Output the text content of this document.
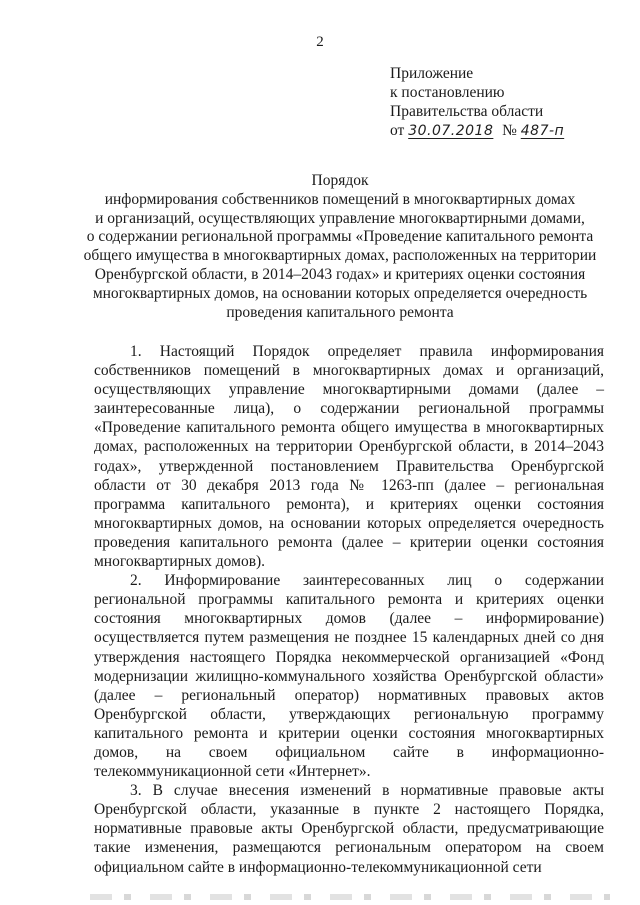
2
Приложение
к постановлению
Правительства области
от 30.07.2018 № 487-п
Порядок
информирования собственников помещений в многоквартирных домах
и организаций, осуществляющих управление многоквартирными домами,
о содержании региональной программы «Проведение капитального ремонта
общего имущества в многоквартирных домах, расположенных на территории
Оренбургской области, в 2014–2043 годах» и критериях оценки состояния
многоквартирных домов, на основании которых определяется очередность
проведения капитального ремонта

1. Настоящий Порядок определяет правила информирования собственников помещений в многоквартирных домах и организаций, осуществляющих управление многоквартирными домами (далее – заинтересованные лица), о содержании региональной программы «Проведение капитального ремонта общего имущества в многоквартирных домах, расположенных на территории Оренбургской области, в 2014–2043 годах», утвержденной постановлением Правительства Оренбургской области от 30 декабря 2013 года № 1263-пп (далее – региональная программа капитального ремонта), и критериях оценки состояния многоквартирных домов, на основании которых определяется очередность проведения капитального ремонта (далее – критерии оценки состояния многоквартирных домов).

2. Информирование заинтересованных лиц о содержании региональной программы капитального ремонта и критериях оценки состояния многоквартирных домов (далее – информирование) осуществляется путем размещения не позднее 15 календарных дней со дня утверждения настоящего Порядка некоммерческой организацией «Фонд модернизации жилищно-коммунального хозяйства Оренбургской области» (далее – региональный оператор) нормативных правовых актов Оренбургской области, утверждающих региональную программу капитального ремонта и критерии оценки состояния многоквартирных домов, на своем официальном сайте в информационно-телекоммуникационной сети «Интернет».

3. В случае внесения изменений в нормативные правовые акты Оренбургской области, указанные в пункте 2 настоящего Порядка, нормативные правовые акты Оренбургской области, предусматривающие такие изменения, размещаются региональным оператором на своем официальном сайте в информационно-телекоммуникационной сети
